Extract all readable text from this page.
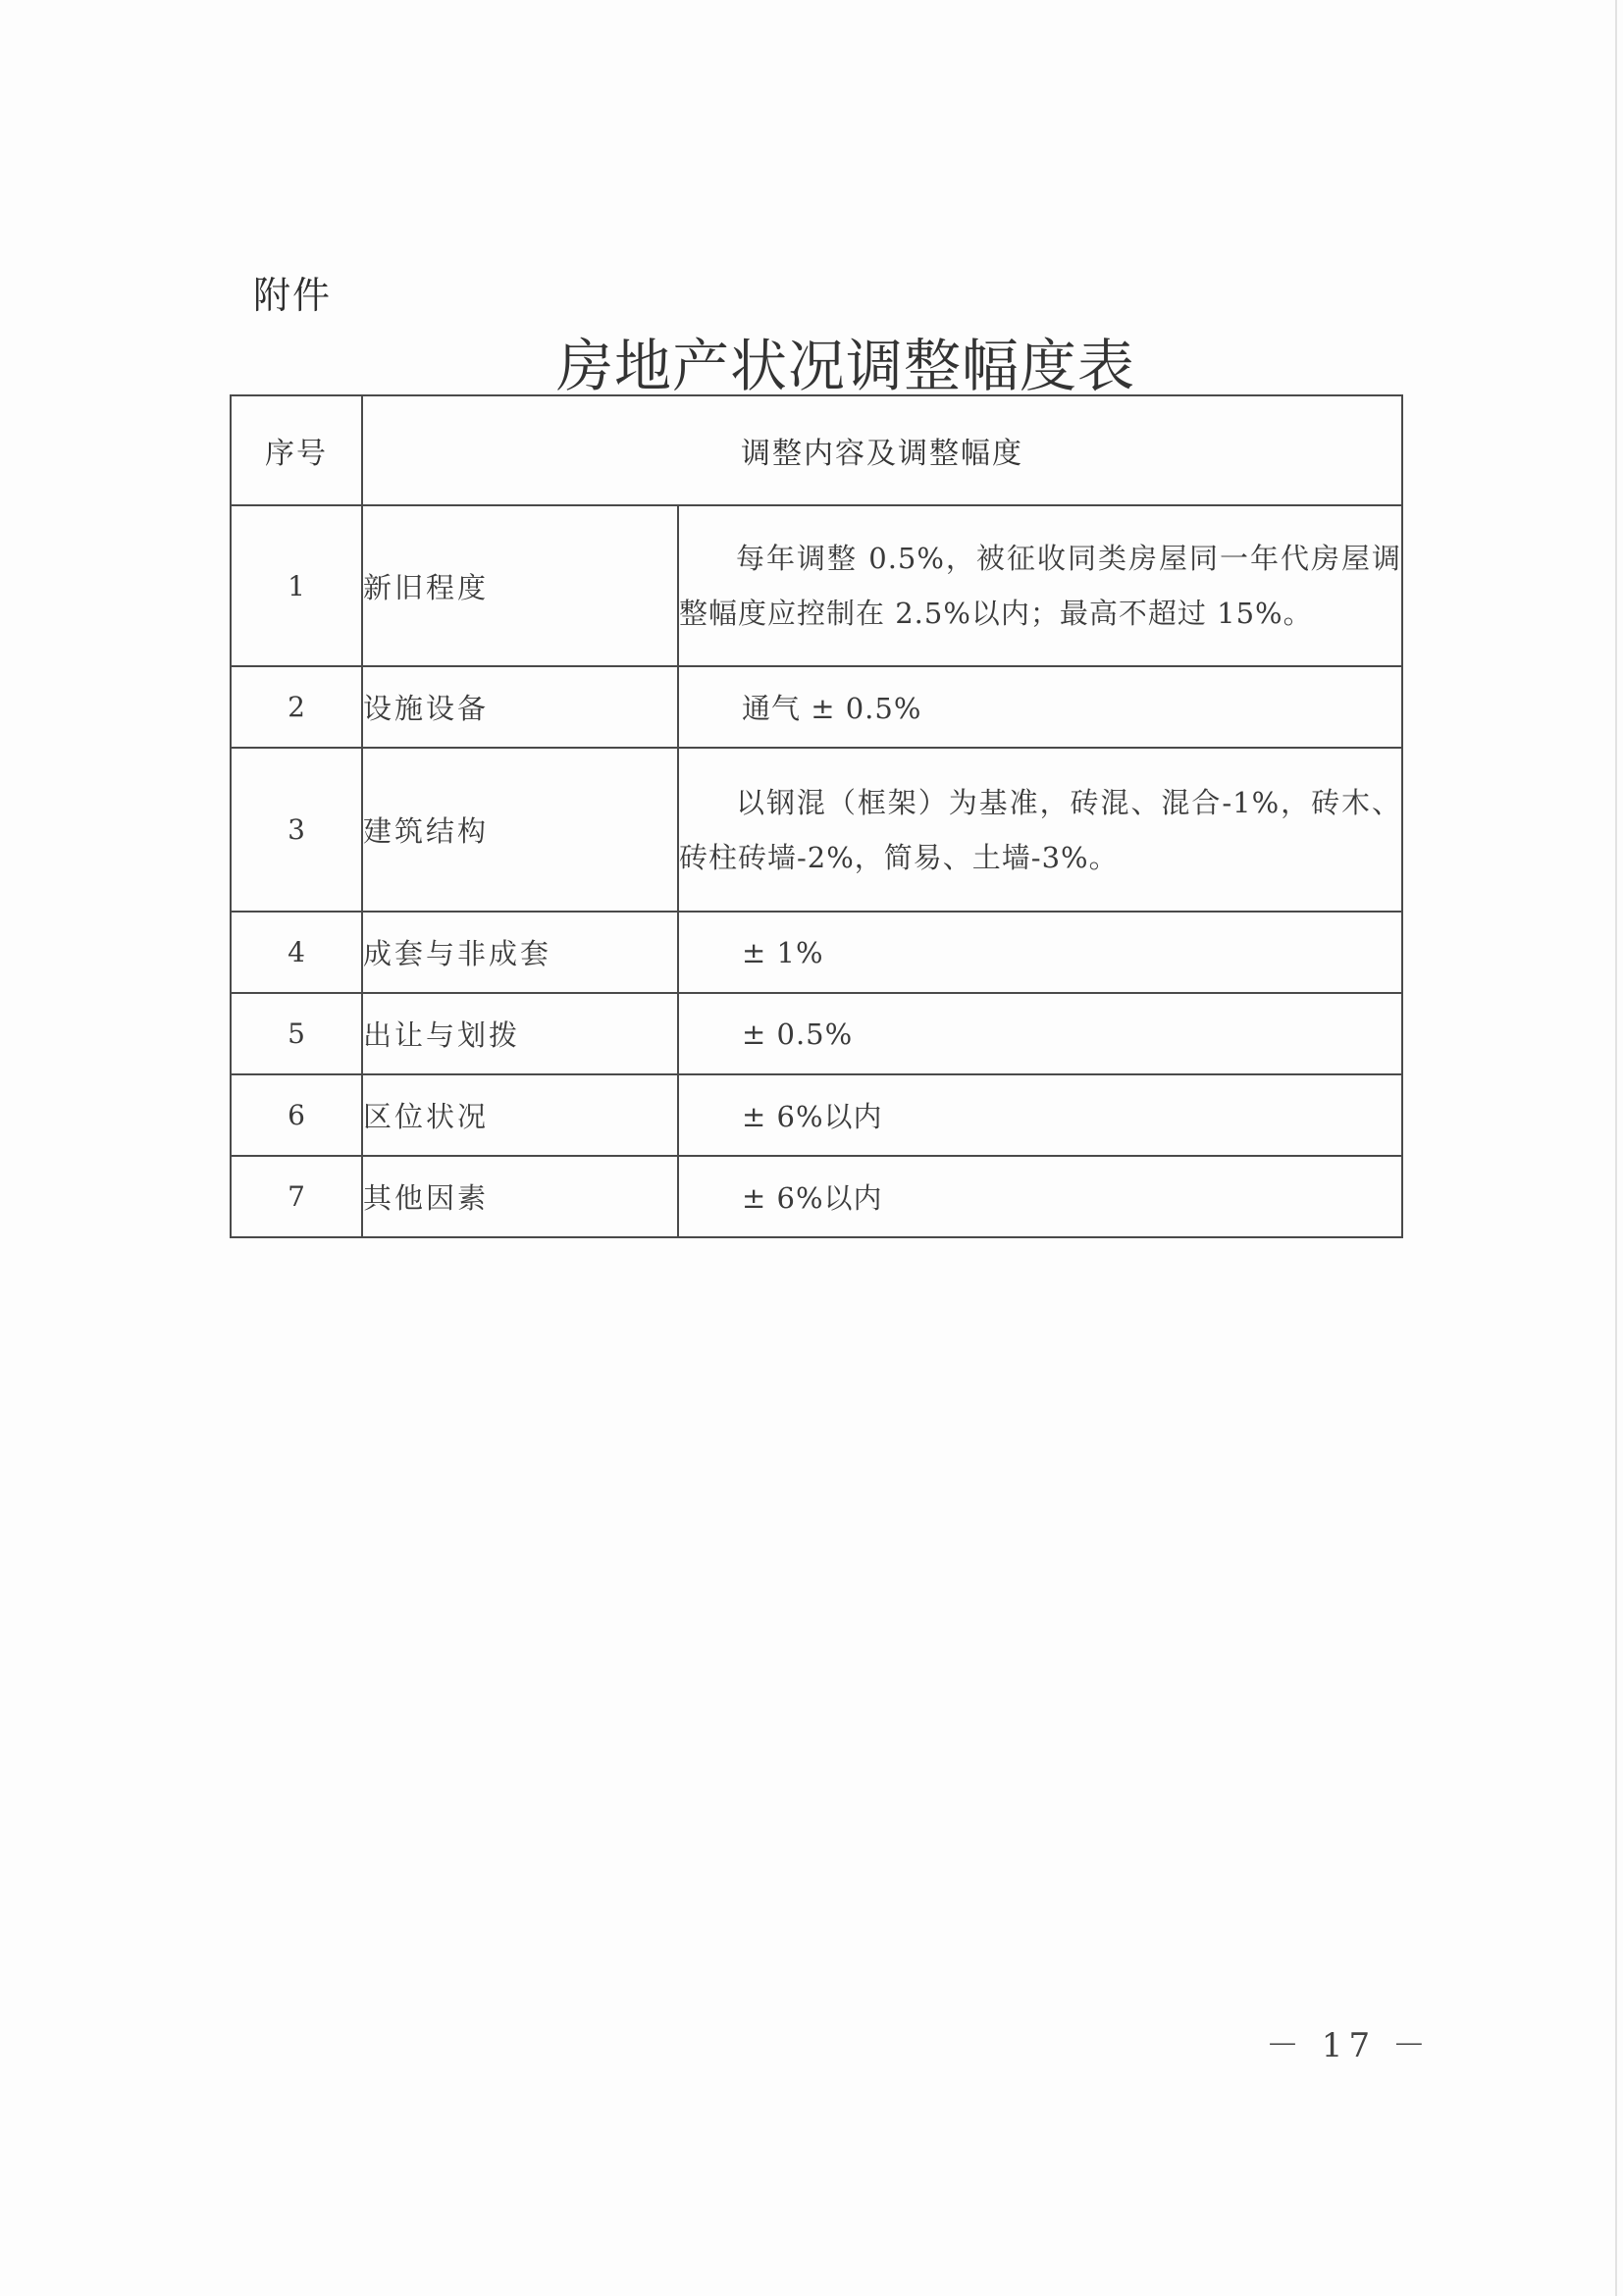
附件
房地产状况调整幅度表
序号	调整内容及调整幅度	
1	新旧程度	每年调整 0.5%，被征收同类房屋同一年代房屋调整幅度应控制在 2.5%以内；最高不超过 15%。
2	设施设备	通气 ± 0.5%
3	建筑结构	以钢混（框架）为基准，砖混、混合-1%，砖木、砖柱砖墙-2%，简易、土墙-3%。
4	成套与非成套	± 1%
5	出让与划拨	± 0.5%
6	区位状况	± 6%以内
7	其他因素	± 6%以内
－ 17 －
